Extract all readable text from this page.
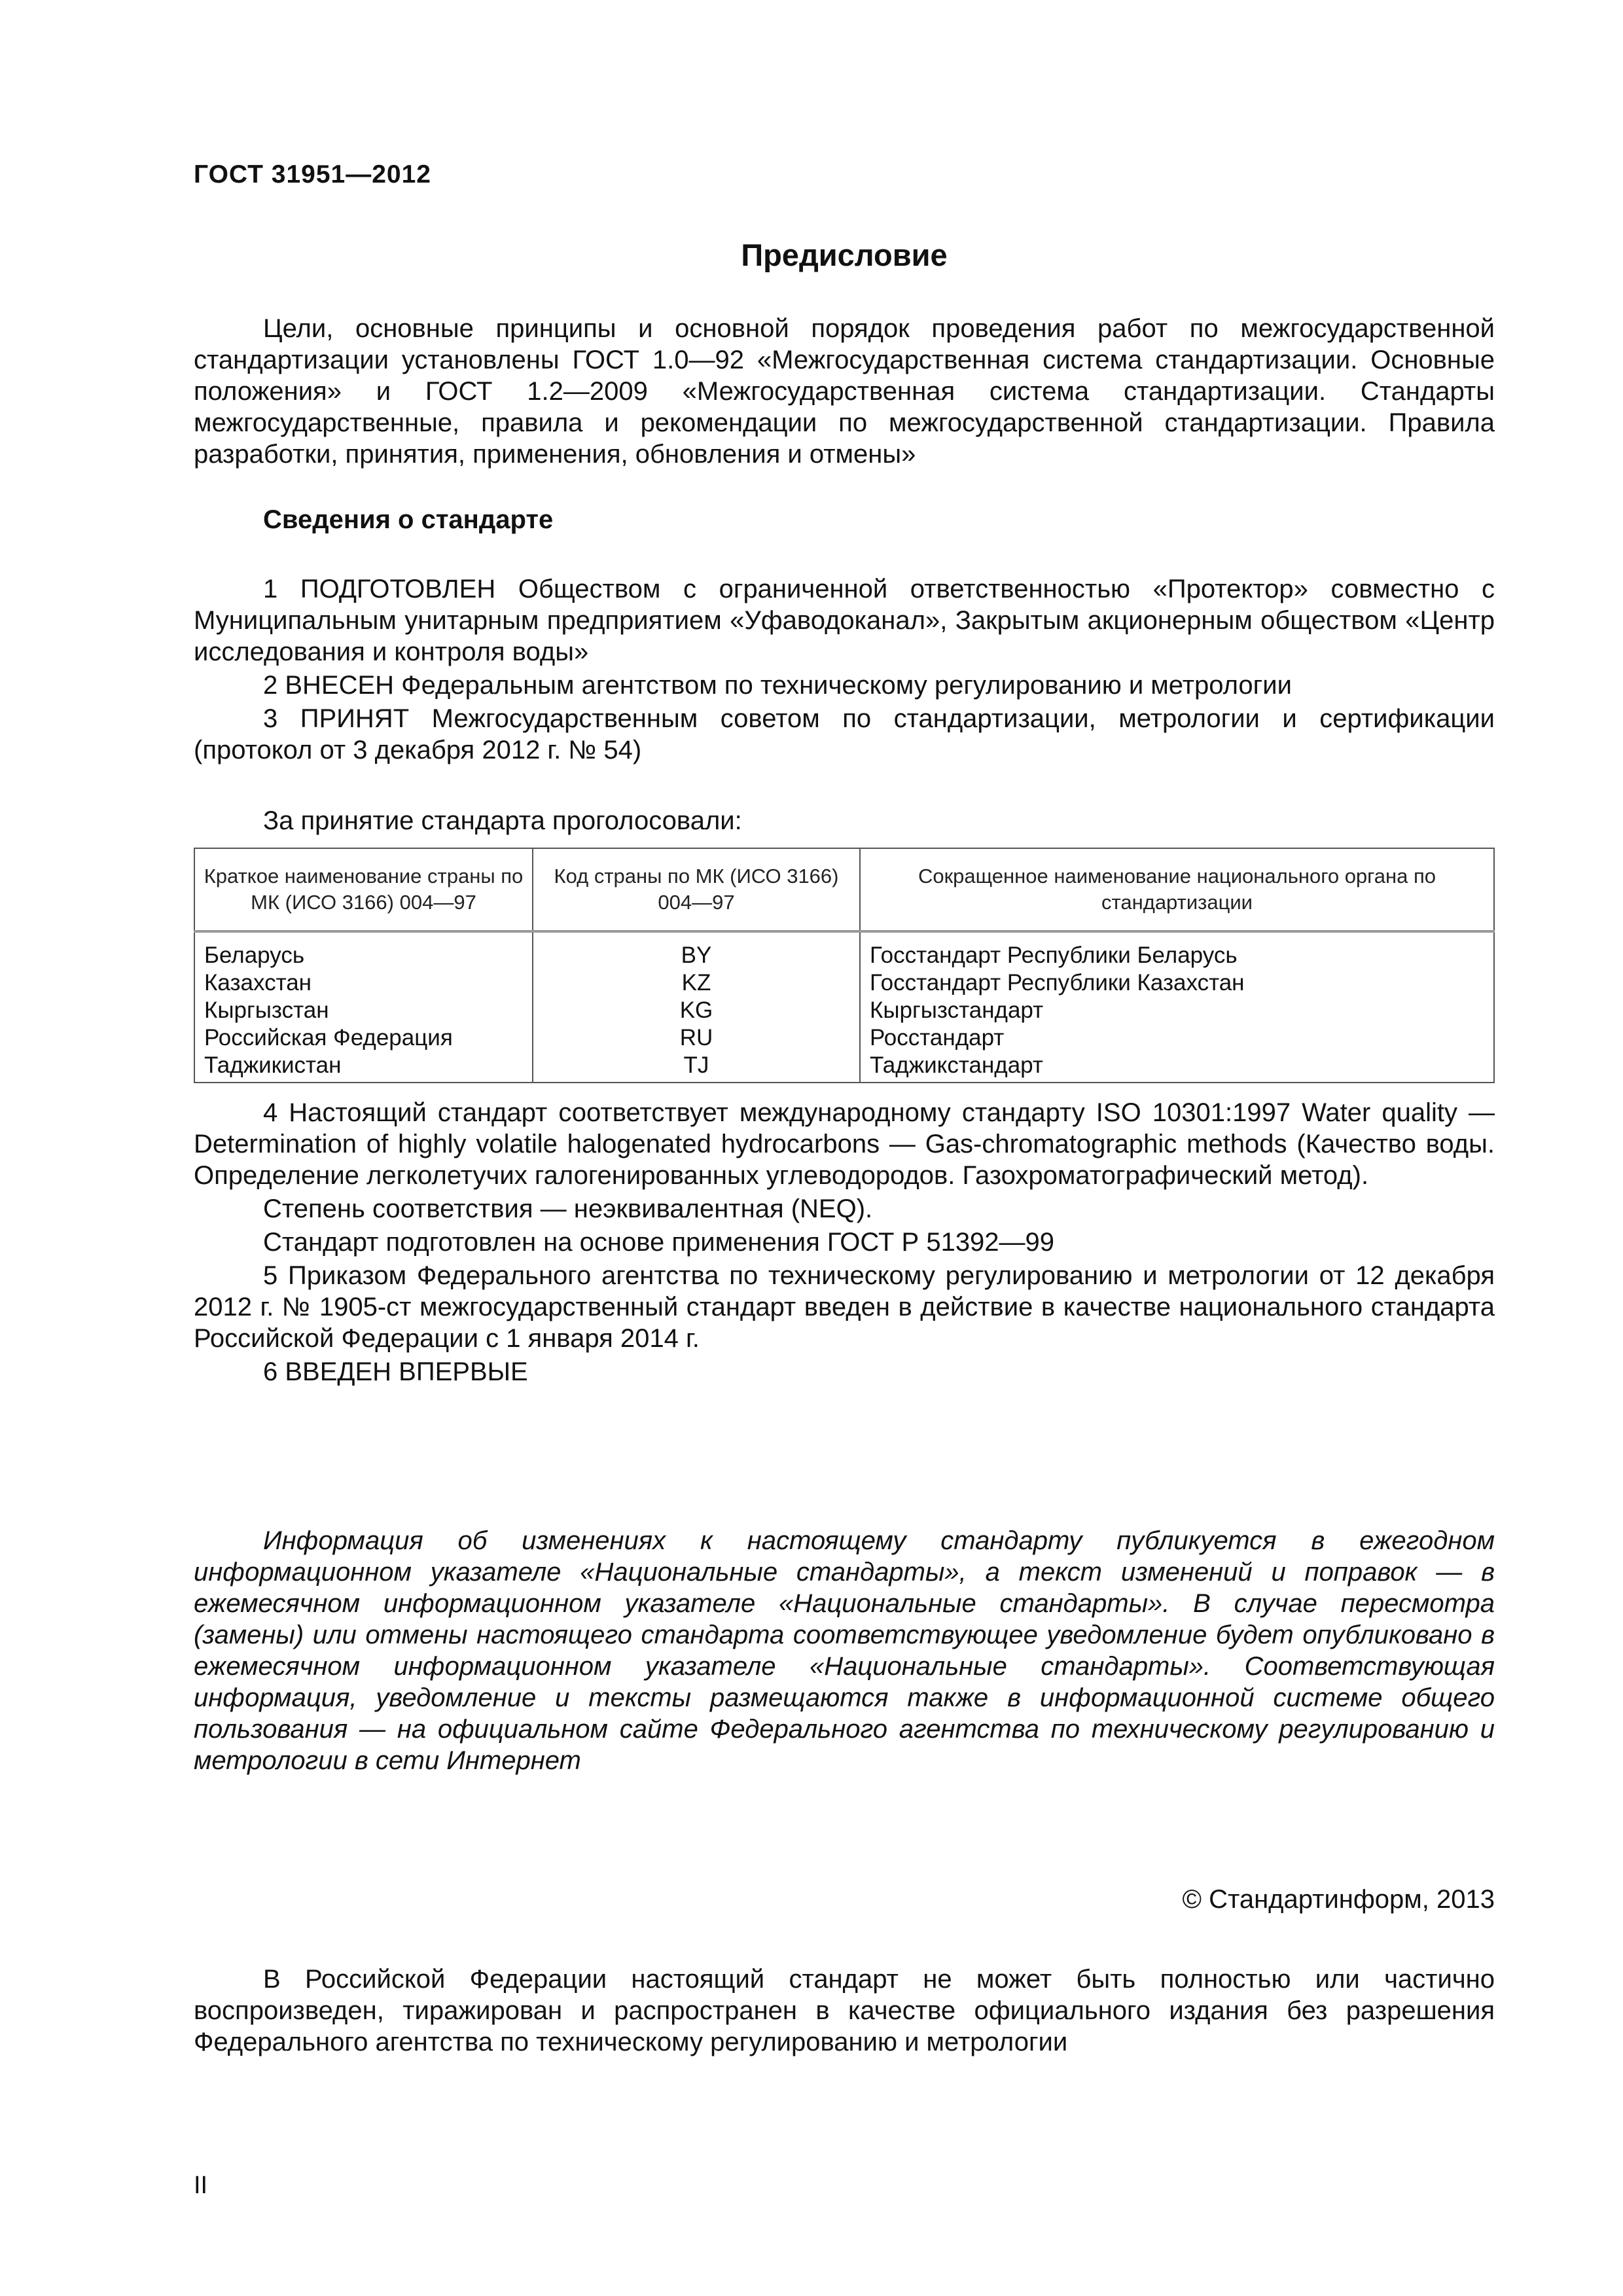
ГОСТ 31951—2012
Предисловие

Цели, основные принципы и основной порядок проведения работ по межгосударственной стандартизации установлены ГОСТ 1.0—92 «Межгосударственная система стандартизации. Основные положения» и ГОСТ 1.2—2009 «Межгосударственная система стандартизации. Стандарты межгосударственные, правила и рекомендации по межгосударственной стандартизации. Правила разработки, принятия, применения, обновления и отмены»

Сведения о стандарте

1 ПОДГОТОВЛЕН Обществом с ограниченной ответственностью «Протектор» совместно с Муниципальным унитарным предприятием «Уфаводоканал», Закрытым акционерным обществом «Центр исследования и контроля воды»

2 ВНЕСЕН Федеральным агентством по техническому регулированию и метрологии

3 ПРИНЯТ Межгосударственным советом по стандартизации, метрологии и сертификации (протокол от 3 декабря 2012 г. № 54)

За принятие стандарта проголосовали:
Краткое наименование страны по МК (ИСО 3166) 004—97	Код страны по МК (ИСО 3166) 004—97	Сокращенное наименование национального органа по стандартизации
Беларусь	BY	Госстандарт Республики Беларусь
Казахстан	KZ	Госстандарт Республики Казахстан
Кыргызстан	KG	Кыргызстандарт
Российская Федерация	RU	Росстандарт
Таджикистан	TJ	Таджикстандарт

4 Настоящий стандарт соответствует международному стандарту ISO 10301:1997 Water quality — Determination of highly volatile halogenated hydrocarbons — Gas-chromatographic methods (Качество воды. Определение легколетучих галогенированных углеводородов. Газохроматографический метод).

Степень соответствия — неэквивалентная (NEQ).

Стандарт подготовлен на основе применения ГОСТ Р 51392—99

5 Приказом Федерального агентства по техническому регулированию и метрологии от 12 декабря 2012 г. № 1905-ст межгосударственный стандарт введен в действие в качестве национального стандарта Российской Федерации с 1 января 2014 г.

6 ВВЕДЕН ВПЕРВЫЕ

Информация об изменениях к настоящему стандарту публикуется в ежегодном информационном указателе «Национальные стандарты», а текст изменений и поправок — в ежемесячном информационном указателе «Национальные стандарты». В случае пересмотра (замены) или отмены настоящего стандарта соответствующее уведомление будет опубликовано в ежемесячном информационном указателе «Национальные стандарты». Соответствующая информация, уведомление и тексты размещаются также в информационной системе общего пользования — на официальном сайте Федерального агентства по техническому регулированию и метрологии в сети Интернет

© Стандартинформ, 2013

В Российской Федерации настоящий стандарт не может быть полностью или частично воспроизведен, тиражирован и распространен в качестве официального издания без разрешения Федерального агентства по техническому регулированию и метрологии

II
